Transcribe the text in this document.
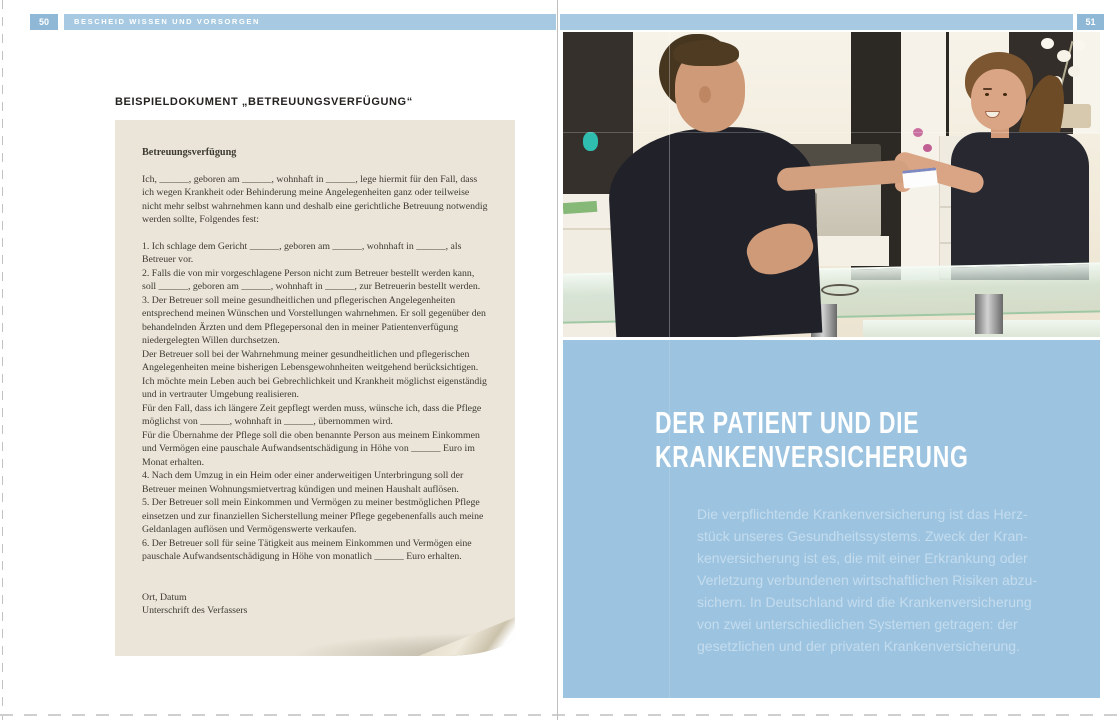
50	BESCHEID WISSEN UND VORSORGEN	51
BEISPIELDOKUMENT „BETREUUNGSVERFÜGUNG“

Betreuungsverfügung

Ich, ______, geboren am ______, wohnhaft in ______, lege hiermit für den Fall, dass ich wegen Krankheit oder Behinderung meine Angelegenheiten ganz oder teilweise nicht mehr selbst wahrnehmen kann und deshalb eine gerichtliche Betreuung notwendig werden sollte, Folgendes fest:

1. Ich schlage dem Gericht ______, geboren am ______, wohnhaft in ______, als Betreuer vor.

2. Falls die von mir vorgeschlagene Person nicht zum Betreuer bestellt werden kann, soll ______, geboren am ______, wohnhaft in ______, zur Betreuerin bestellt werden.

3. Der Betreuer soll meine gesundheitlichen und pflegerischen Angelegenheiten entsprechend meinen Wünschen und Vorstellungen wahrnehmen. Er soll gegenüber den behandelnden Ärzten und dem Pflegepersonal den in meiner Patientenverfügung niedergelegten Willen durchsetzen.

Der Betreuer soll bei der Wahrnehmung meiner gesundheitlichen und pflegerischen Angelegenheiten meine bisherigen Lebensgewohnheiten weitgehend berücksichtigen.

Ich möchte mein Leben auch bei Gebrechlichkeit und Krankheit möglichst eigenständig und in vertrauter Umgebung realisieren.

Für den Fall, dass ich längere Zeit gepflegt werden muss, wünsche ich, dass die Pflege möglichst von ______, wohnhaft in ______, übernommen wird.

Für die Übernahme der Pflege soll die oben benannte Person aus meinem Einkommen und Vermögen eine pauschale Aufwandsentschädigung in Höhe von ______ Euro im Monat erhalten.

4. Nach dem Umzug in ein Heim oder einer anderweitigen Unterbringung soll der Betreuer meinen Wohnungsmietvertrag kündigen und meinen Haushalt auflösen.

5. Der Betreuer soll mein Einkommen und Vermögen zu meiner bestmöglichen Pflege einsetzen und zur finanziellen Sicherstellung meiner Pflege gegebenenfalls auch meine Geldanlagen auflösen und Vermögenswerte verkaufen.

6. Der Betreuer soll für seine Tätigkeit aus meinem Einkommen und Vermögen eine pauschale Aufwandsentschädigung in Höhe von monatlich ______ Euro erhalten.

Ort, Datum

Unterschrift des Verfassers

DER PATIENT UND DIE
KRANKENVERSICHERUNG

Die verpflichtende Krankenversicherung ist das Herz-

stück unseres Gesundheitssystems. Zweck der Kran-

kenversicherung ist es, die mit einer Erkrankung oder

Verletzung verbundenen wirtschaftlichen Risiken abzu-

sichern. In Deutschland wird die Krankenversicherung

von zwei unterschiedlichen Systemen getragen: der

gesetzlichen und der privaten Krankenversicherung.
